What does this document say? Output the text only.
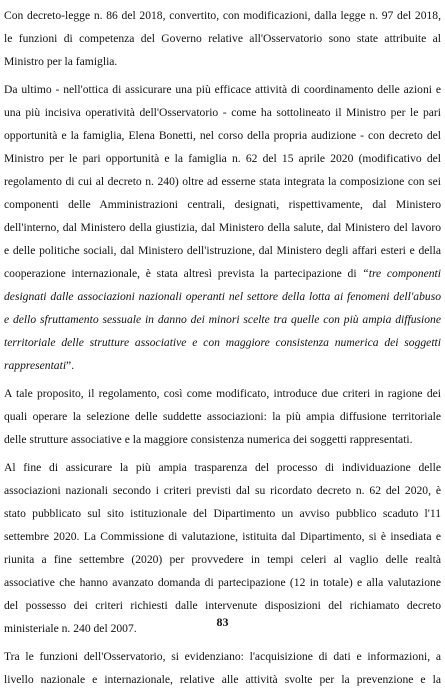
Con decreto-legge n. 86 del 2018, convertito, con modificazioni, dalla legge n. 97 del 2018,
le funzioni di competenza del Governo relative all'Osservatorio sono state attribuite al
Ministro per la famiglia.

Da ultimo - nell'ottica di assicurare una più efficace attività di coordinamento delle azioni e
una più incisiva operatività dell'Osservatorio - come ha sottolineato il Ministro per le pari
opportunità e la famiglia, Elena Bonetti, nel corso della propria audizione - con decreto del
Ministro per le pari opportunità e la famiglia n. 62 del 15 aprile 2020 (modificativo del
regolamento di cui al decreto n. 240) oltre ad esserne stata integrata la composizione con sei
componenti delle Amministrazioni centrali, designati, rispettivamente, dal Ministero
dell'interno, dal Ministero della giustizia, dal Ministero della salute, dal Ministero del lavoro
e delle politiche sociali, dal Ministero dell'istruzione, dal Ministero degli affari esteri e della
cooperazione internazionale, è stata altresì prevista la partecipazione di “tre componenti
designati dalle associazioni nazionali operanti nel settore della lotta ai fenomeni dell'abuso
e dello sfruttamento sessuale in danno dei minori scelte tra quelle con più ampia diffusione
territoriale delle strutture associative e con maggiore consistenza numerica dei soggetti
rappresentati”.

A tale proposito, il regolamento, così come modificato, introduce due criteri in ragione dei
quali operare la selezione delle suddette associazioni: la più ampia diffusione territoriale
delle strutture associative e la maggiore consistenza numerica dei soggetti rappresentati.

Al fine di assicurare la più ampia trasparenza del processo di individuazione delle
associazioni nazionali secondo i criteri previsti dal su ricordato decreto n. 62 del 2020, è
stato pubblicato sul sito istituzionale del Dipartimento un avviso pubblico scaduto l'11
settembre 2020. La Commissione di valutazione, istituita dal Dipartimento, si è insediata e
riunita a fine settembre (2020) per provvedere in tempi celeri al vaglio delle realtà
associative che hanno avanzato domanda di partecipazione (12 in totale) e alla valutazione
del possesso dei criteri richiesti dalle intervenute disposizioni del richiamato decreto
ministeriale n. 240 del 2007.

Tra le funzioni dell'Osservatorio, si evidenziano: l'acquisizione di dati e informazioni, a
livello nazionale e internazionale, relative alle attività svolte per la prevenzione e la

83
